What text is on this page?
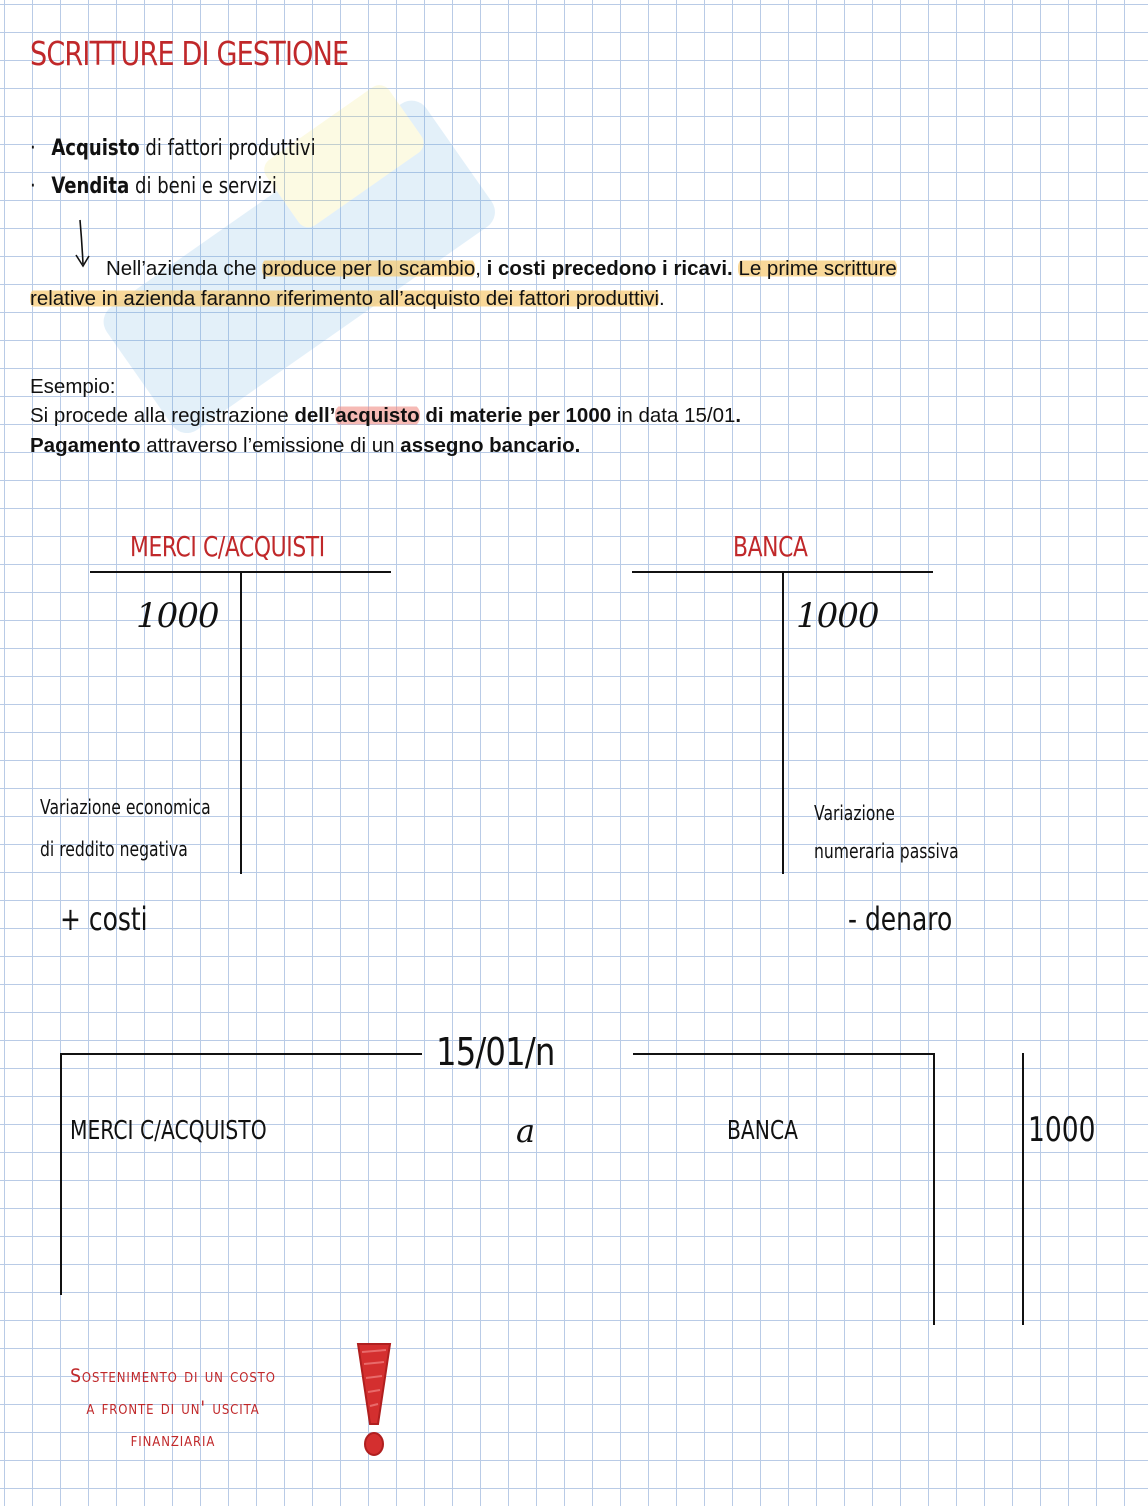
SCRITTURE DI GESTIONE
· Acquisto di fattori produttivi
· Vendita di beni e servizi
Nell’azienda che produce per lo scambio, i costi precedono i ricavi. Le prime scritture
relative in azienda faranno riferimento all’acquisto dei fattori produttivi.
Esempio:
Si procede alla registrazione dell’acquisto di materie per 1000 in data 15/01.
Pagamento attraverso l’emissione di un assegno bancario.
MERCI C/ACQUISTI
1000
Variazione economica
di reddito negativa
+ costi
BANCA
1000
Variazione
numeraria passiva
- denaro
15/01/n
MERCI C/ACQUISTO	a	BANCA	1000
Sostenimento di un costo
a fronte di un' uscita
finanziaria
